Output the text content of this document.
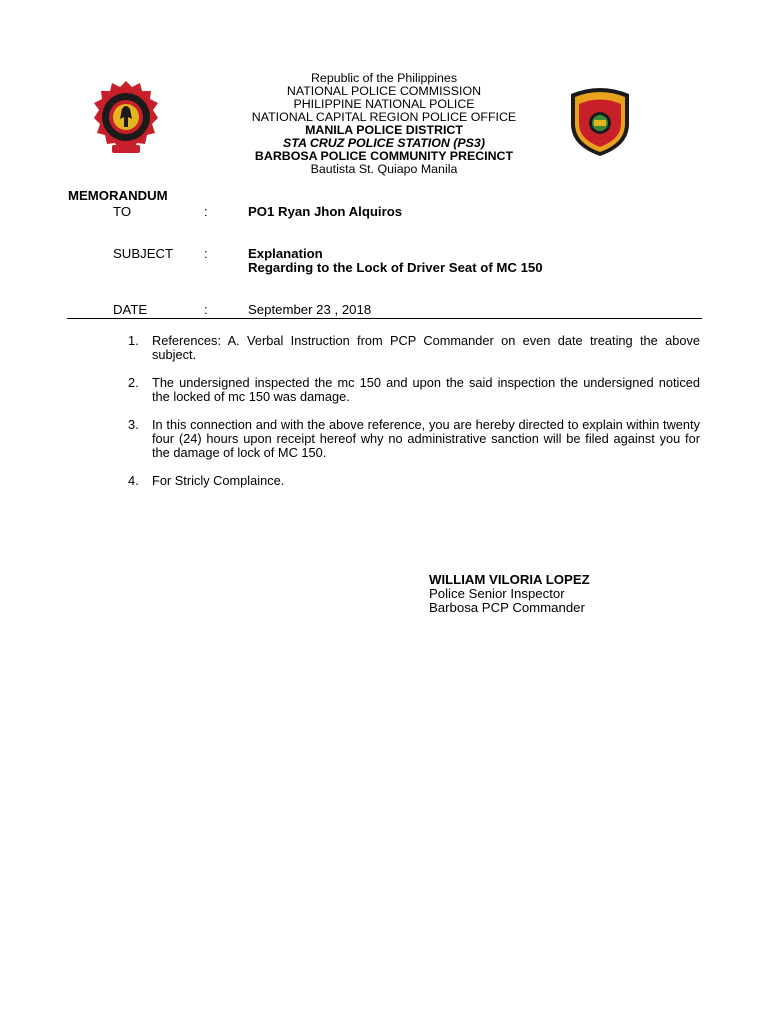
Republic of the Philippines
NATIONAL POLICE COMMISSION
PHILIPPINE NATIONAL POLICE
NATIONAL CAPITAL REGION POLICE OFFICE
MANILA POLICE DISTRICT
STA CRUZ POLICE STATION (PS3)
BARBOSA POLICE COMMUNITY PRECINCT
Bautista St. Quiapo Manila
MEMORANDUM
TO	:	PO1 Ryan Jhon Alquiros
SUBJECT :	Explanation
Regarding to the Lock of Driver Seat of MC 150
DATE	:	September 23 , 2018
1. References: A. Verbal Instruction from PCP Commander on even date treating the above subject.
2. The undersigned inspected the mc 150 and upon the said inspection the undersigned noticed the locked of mc 150 was damage.
3. In this connection and with the above reference, you are hereby directed to explain within twenty four (24) hours upon receipt hereof why no administrative sanction will be filed against you for the damage of lock of MC 150.
4. For Stricly Complaince.
WILLIAM VILORIA LOPEZ
Police Senior Inspector
Barbosa PCP Commander
